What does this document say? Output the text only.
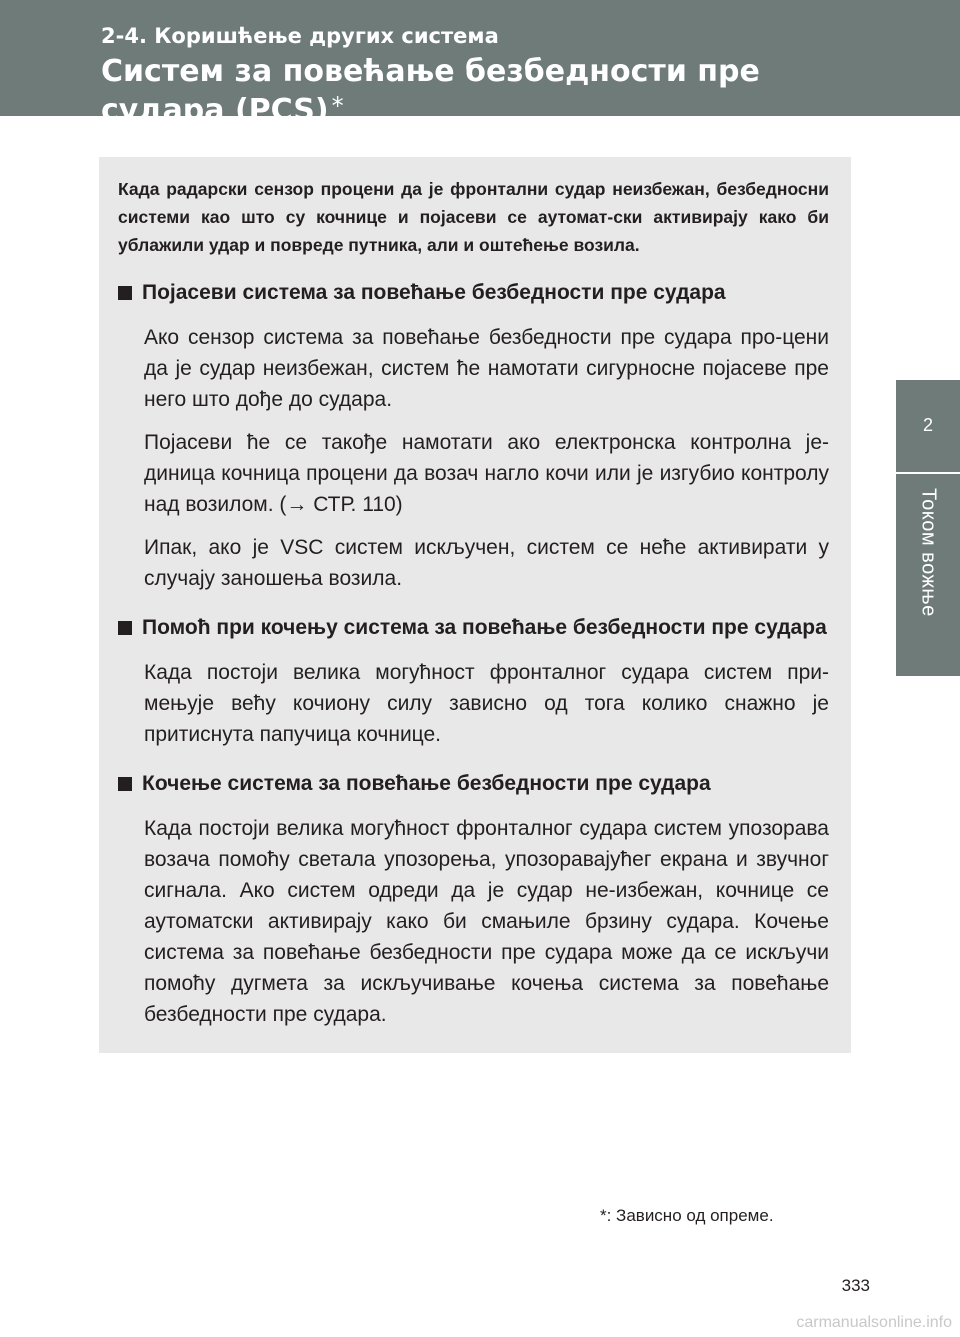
2-4. Коришћење других система

Систем за повећање безбедности пре судара (PCS) *
2
Током вожње

Када радарски сензор процени да је фронтални судар неизбежан, безбедносни системи као што су кочнице и појасеви се аутомат-ски активирају како би ублажили удар и повреде путника, али и оштећење возила.

Појасеви система за повећање безбедности пре судара

Ако сензор система за повећање безбедности пре судара про-цени да је судар неизбежан, систем ће намотати сигурносне појасеве пре него што дође до судара.

Појасеви ће се такође намотати ако електронска контролна је-диница кочница процени да возач нагло кочи или је изгубио контролу над возилом. (→ СТР. 110)

Ипак, ако је VSC систем искључен, систем се неће активирати у случају заношења возила.

Помоћ при кочењу система за повећање безбедности пре судара

Када постоји велика могућност фронталног судара систем при-мењује већу кочиону силу зависно од тога колико снажно је притиснута папучица кочнице.

Кочење система за повећање безбедности пре судара

Када постоји велика могућност фронталног судара систем упозорава возача помоћу светала упозорења, упозоравајућег екрана и звучног сигнала. Ако систем одреди да је судар не-избежан, кочнице се аутоматски активирају како би смањиле брзину судара. Кочење система за повећање безбедности пре судара може да се искључи помоћу дугмета за искључивање кочења система за повећање безбедности пре судара.

*: Зависно од опреме.
333
carmanualsonline.info
